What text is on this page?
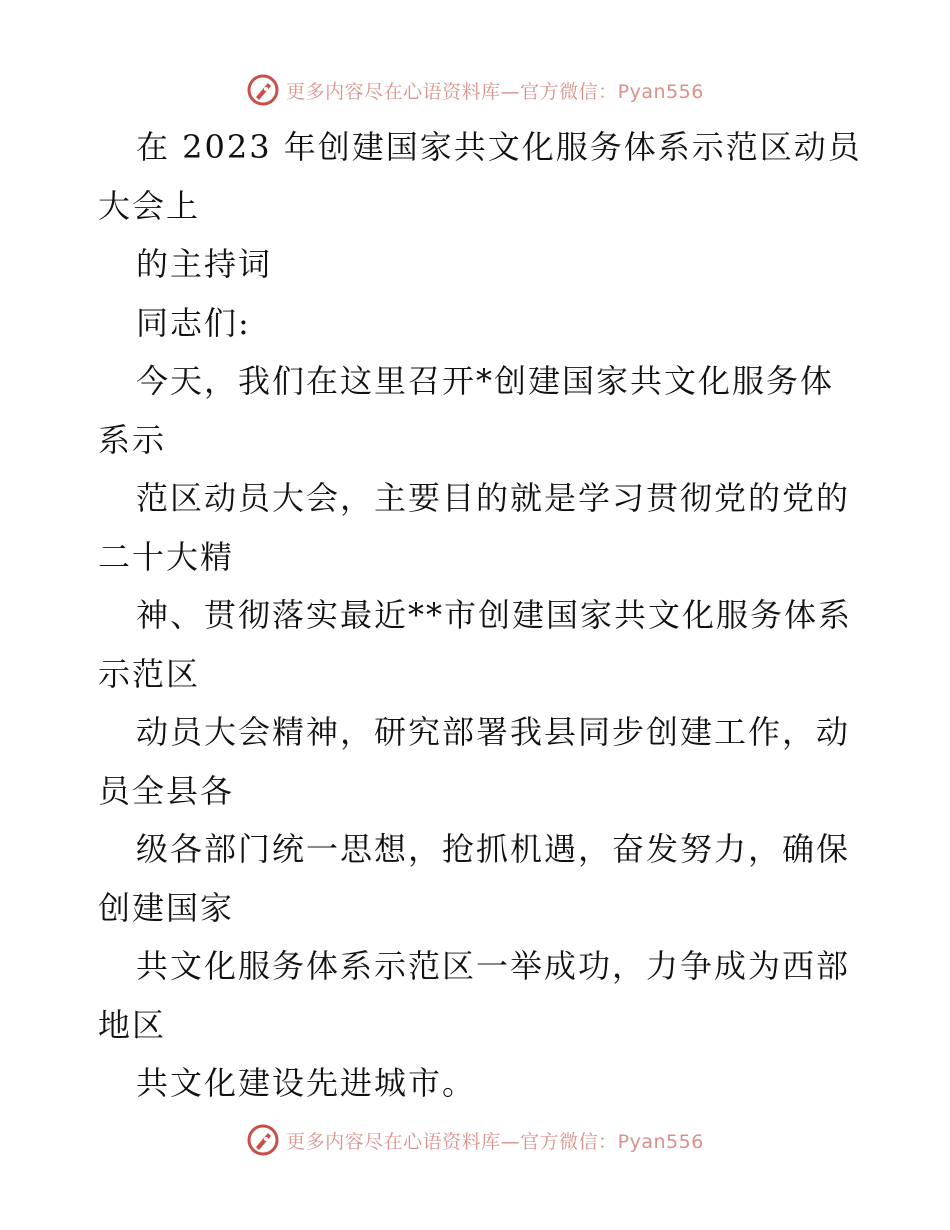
更多内容尽在心语资料库—官方微信：Pyan556
在 2023 年创建国家共文化服务体系示范区动员
大会上
的主持词
同志们:
今天，我们在这里召开*创建国家共文化服务体
系示
范区动员大会，主要目的就是学习贯彻党的党的
二十大精
神、贯彻落实最近**市创建国家共文化服务体系
示范区
动员大会精神，研究部署我县同步创建工作，动
员全县各
级各部门统一思想，抢抓机遇，奋发努力，确保
创建国家
共文化服务体系示范区一举成功，力争成为西部
地区
共文化建设先进城市。
更多内容尽在心语资料库—官方微信：Pyan556
